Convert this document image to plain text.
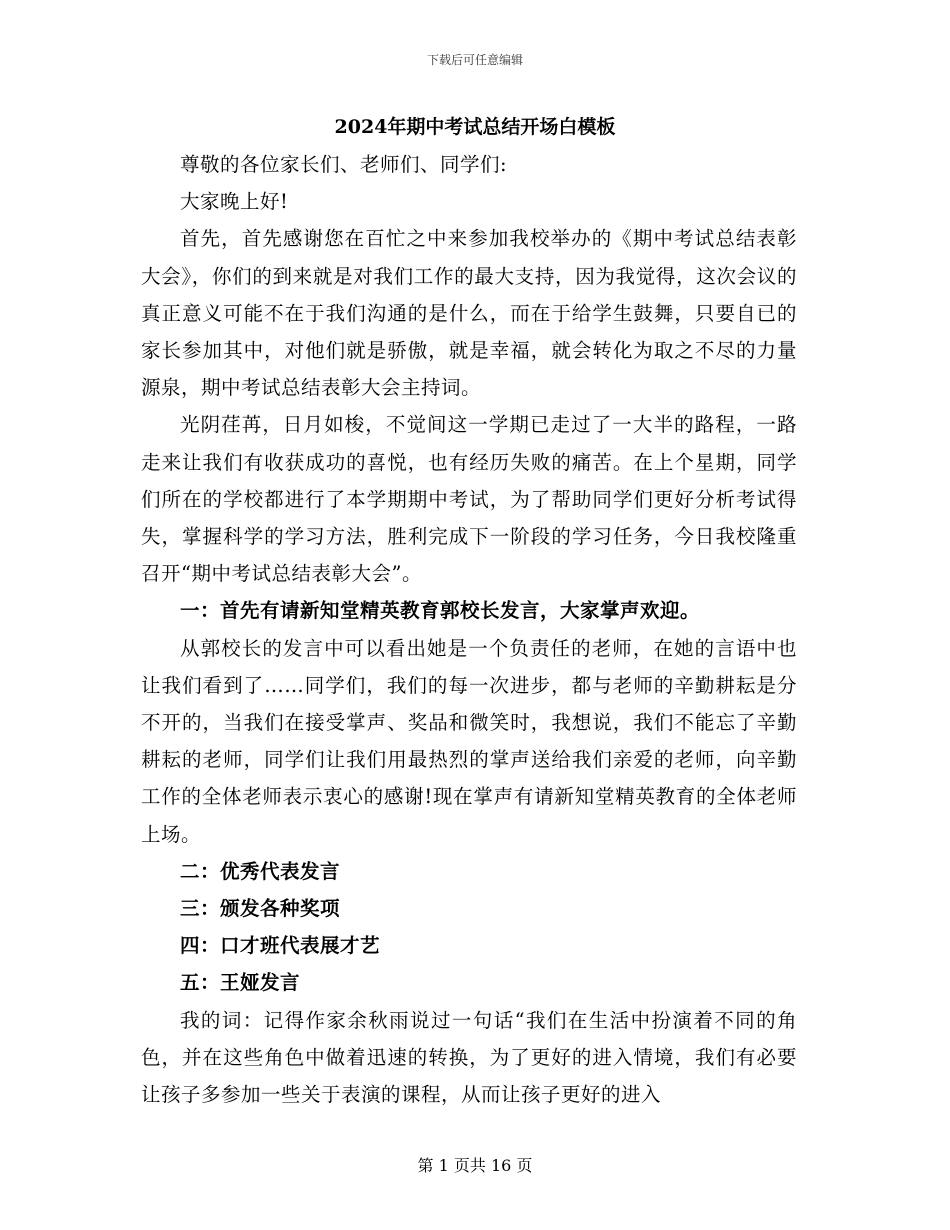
下载后可任意编辑
2024年期中考试总结开场白模板

尊敬的各位家长们、老师们、同学们:

大家晚上好!

首先，首先感谢您在百忙之中来参加我校举办的《期中考试总结表彰大会》，你们的到来就是对我们工作的最大支持，因为我觉得，这次会议的真正意义可能不在于我们沟通的是什么，而在于给学生鼓舞，只要自已的家长参加其中，对他们就是骄傲，就是幸福，就会转化为取之不尽的力量源泉，期中考试总结表彰大会主持词。

光阴荏苒，日月如梭，不觉间这一学期已走过了一大半的路程，一路走来让我们有收获成功的喜悦，也有经历失败的痛苦。在上个星期，同学们所在的学校都进行了本学期期中考试，为了帮助同学们更好分析考试得失，掌握科学的学习方法，胜利完成下一阶段的学习任务，今日我校隆重召开“期中考试总结表彰大会”。

一：首先有请新知堂精英教育郭校长发言，大家掌声欢迎。

从郭校长的发言中可以看出她是一个负责任的老师，在她的言语中也让我们看到了……同学们，我们的每一次进步，都与老师的辛勤耕耘是分不开的，当我们在接受掌声、奖品和微笑时，我想说，我们不能忘了辛勤耕耘的老师，同学们让我们用最热烈的掌声送给我们亲爱的老师，向辛勤工作的全体老师表示衷心的感谢!现在掌声有请新知堂精英教育的全体老师上场。

二：优秀代表发言

三：颁发各种奖项

四：口才班代表展才艺

五：王娅发言

我的词：记得作家余秋雨说过一句话“我们在生活中扮演着不同的角色，并在这些角色中做着迅速的转换，为了更好的进入情境，我们有必要让孩子多参加一些关于表演的课程，从而让孩子更好的进入

第 1 页共 16 页
